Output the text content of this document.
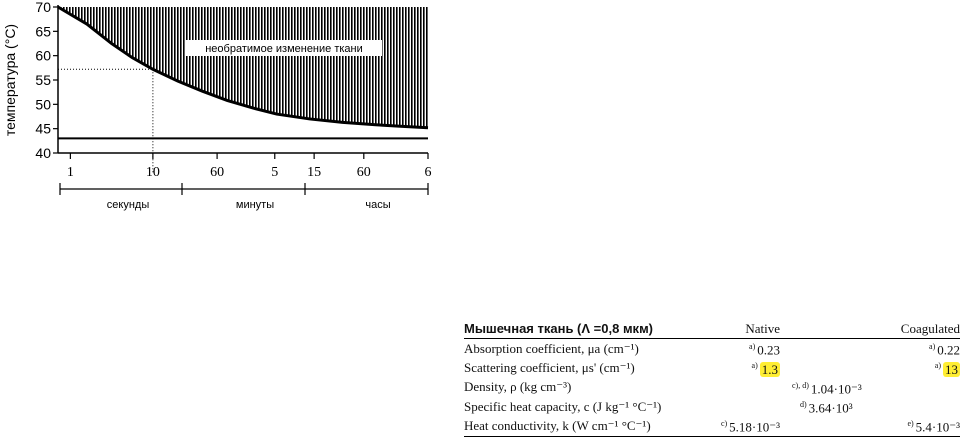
необратимое изменение ткани
40
45
50
55
60
65
70
температура (°C)
1	10	60	5 15	60	6
секунды	минуты	часы
Мышечная ткань (Λ =0,8 мкм)	Native		Coagulated
Absorption coefficient, μa (cm⁻¹)	$^{a)}$ 0.23		$^{a)}$ 0.22
Scattering coefficient, μs' (cm⁻¹)	$^{a)}$ 1.3		$^{a)}$ 13
Density, ρ (kg cm⁻³)		$^{c), d)}$ 1.04·10⁻³	
Specific heat capacity, c (J kg⁻¹ °C⁻¹)		$^{d)}$ 3.64·10³	
Heat conductivity, k (W cm⁻¹ °C⁻¹)	$^{c)}$ 5.18·10⁻³		$^{e)}$ 5.4·10⁻³
